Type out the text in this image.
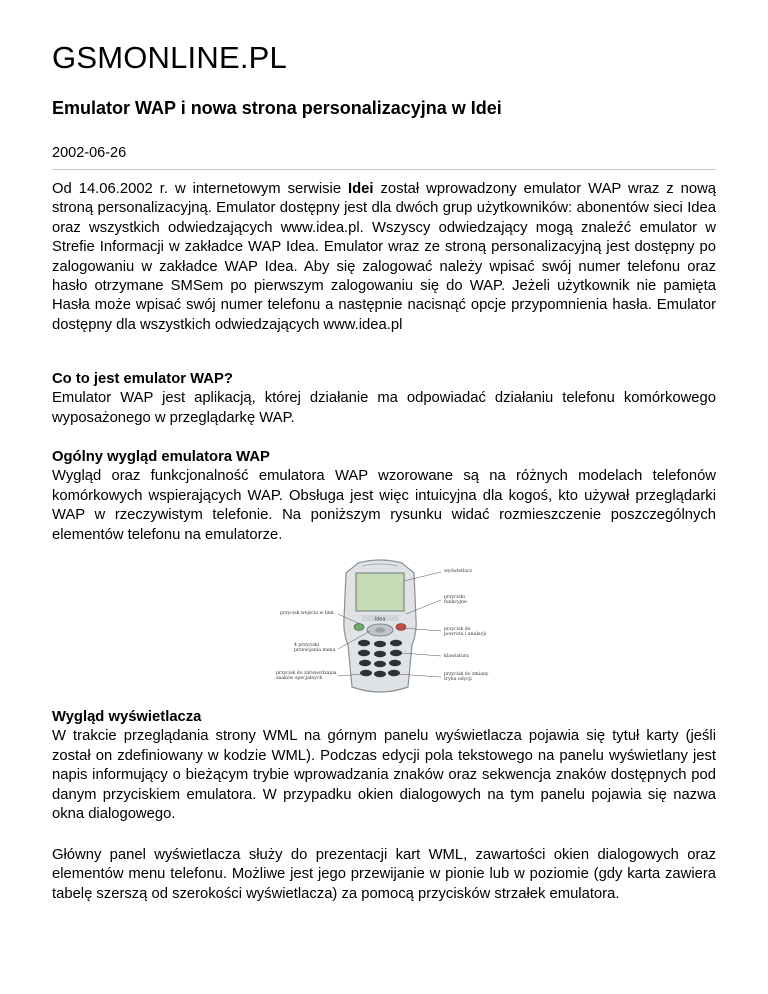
GSMONLINE.PL
Emulator WAP i nowa strona personalizacyjna w Idei
2002-06-26

Od 14.06.2002 r. w internetowym serwisie Idei został wprowadzony emulator WAP wraz z nową stroną personalizacyjną. Emulator dostępny jest dla dwóch grup użytkowników: abonentów sieci Idea oraz wszystkich odwiedzających www.idea.pl. Wszyscy odwiedzający mogą znaleźć emulator w Strefie Informacji w zakładce WAP Idea. Emulator wraz ze stroną personalizacyjną jest dostępny po zalogowaniu w zakładce WAP Idea. Aby się zalogować należy wpisać swój numer telefonu oraz hasło otrzymane SMSem po pierwszym zalogowaniu się do WAP. Jeżeli użytkownik nie pamięta Hasła może wpisać swój numer telefonu a następnie nacisnąć opcje przypomnienia hasła. Emulator dostępny dla wszystkich odwiedzających www.idea.pl

Co to jest emulator WAP?
Emulator WAP jest aplikacją, której działanie ma odpowiadać działaniu telefonu komórkowego wyposażonego w przeglądarkę WAP.

Ogólny wygląd emulatora WAP
Wygląd oraz funkcjonalność emulatora WAP wzorowane są na różnych modelach telefonów komórkowych wspierających WAP. Obsługa jest więc intuicyjna dla kogoś, kto używał przeglądarki WAP w rzeczywistym telefonie. Na poniższym rysunku widać rozmieszczenie poszczególnych elementów telefonu na emulatorze.

Idea
wyświetlacz
przyciski funkcyjne
przycisk wejścia w link
przycisk do powrotu i anulacji
4 przyciski przewijania menu
klawiatura
przycisk do zatwierdzania znaków specjalnych
przycisk do zmiany trybu edycji

Wygląd wyświetlacza
W trakcie przeglądania strony WML na górnym panelu wyświetlacza pojawia się tytuł karty (jeśli został on zdefiniowany w kodzie WML). Podczas edycji pola tekstowego na panelu wyświetlany jest napis informujący o bieżącym trybie wprowadzania znaków oraz sekwencja znaków dostępnych pod danym przyciskiem emulatora. W przypadku okien dialogowych na tym panelu pojawia się nazwa okna dialogowego.

Główny panel wyświetlacza służy do prezentacji kart WML, zawartości okien dialogowych oraz elementów menu telefonu. Możliwe jest jego przewijanie w pionie lub w poziomie (gdy karta zawiera tabelę szerszą od szerokości wyświetlacza) za pomocą przycisków strzałek emulatora.
